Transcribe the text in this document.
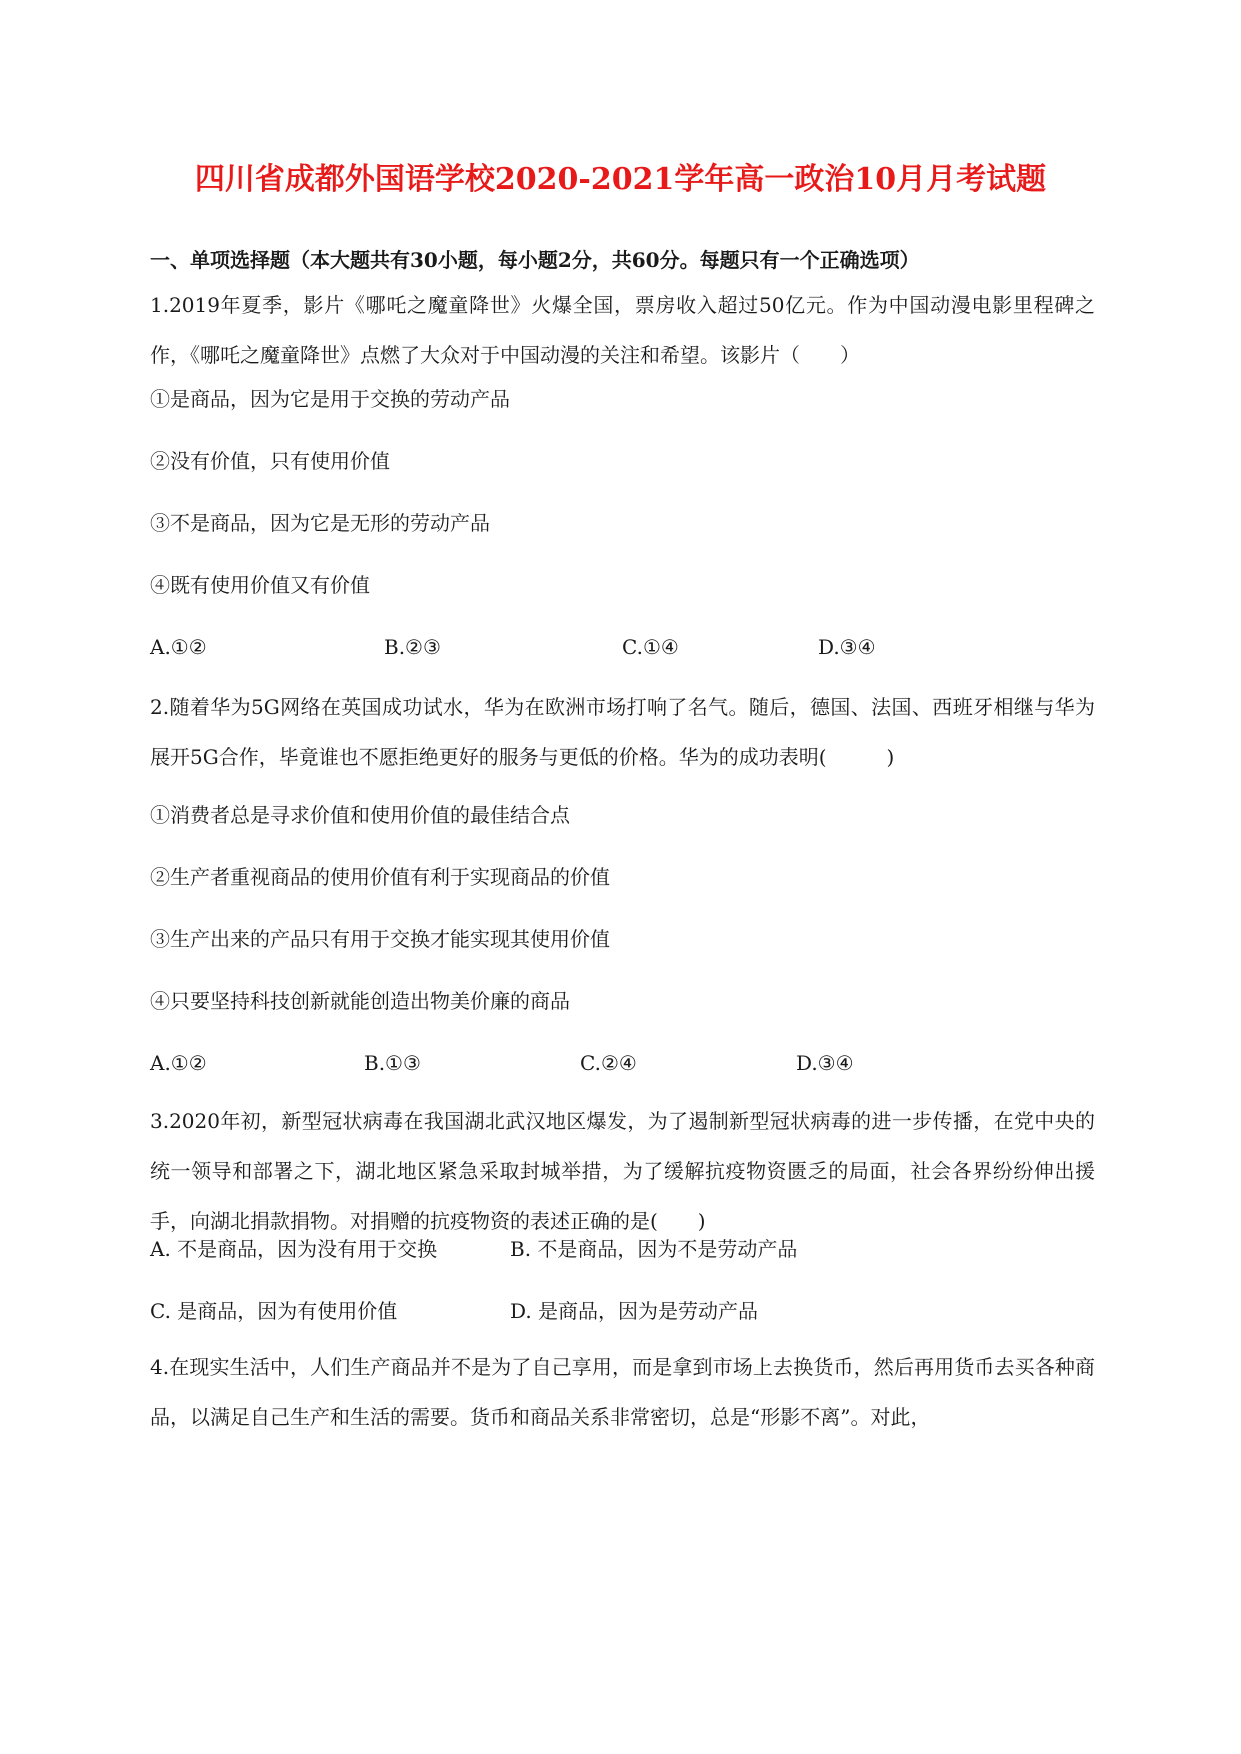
四川省成都外国语学校2020-2021学年高一政治10月月考试题
一、单项选择题（本大题共有30小题，每小题2分，共60分。每题只有一个正确选项）
1.2019年夏季，影片《哪吒之魔童降世》火爆全国，票房收入超过50亿元。作为中国动漫电影里程碑之作，《哪吒之魔童降世》点燃了大众对于中国动漫的关注和希望。该影片（　　）
①是商品，因为它是用于交换的劳动产品
②没有价值，只有使用价值
③不是商品，因为它是无形的劳动产品
④既有使用价值又有价值
A.①②	B.②③	C.①④	D.③④
2.随着华为5G网络在英国成功试水，华为在欧洲市场打响了名气。随后，德国、法国、西班牙相继与华为展开5G合作，毕竟谁也不愿拒绝更好的服务与更低的价格。华为的成功表明(　　　)
①消费者总是寻求价值和使用价值的最佳结合点
②生产者重视商品的使用价值有利于实现商品的价值
③生产出来的产品只有用于交换才能实现其使用价值
④只要坚持科技创新就能创造出物美价廉的商品
A.①②	B.①③	C.②④	D.③④
3.2020年初，新型冠状病毒在我国湖北武汉地区爆发，为了遏制新型冠状病毒的进一步传播，在党中央的统一领导和部署之下，湖北地区紧急采取封城举措，为了缓解抗疫物资匮乏的局面，社会各界纷纷伸出援手，向湖北捐款捐物。对捐赠的抗疫物资的表述正确的是(　　)
A. 不是商品，因为没有用于交换	B. 不是商品，因为不是劳动产品
C. 是商品，因为有使用价值	D. 是商品，因为是劳动产品
4.在现实生活中，人们生产商品并不是为了自己享用，而是拿到市场上去换货币，然后再用货币去买各种商品，以满足自己生产和生活的需要。货币和商品关系非常密切，总是“形影不离”。对此，
